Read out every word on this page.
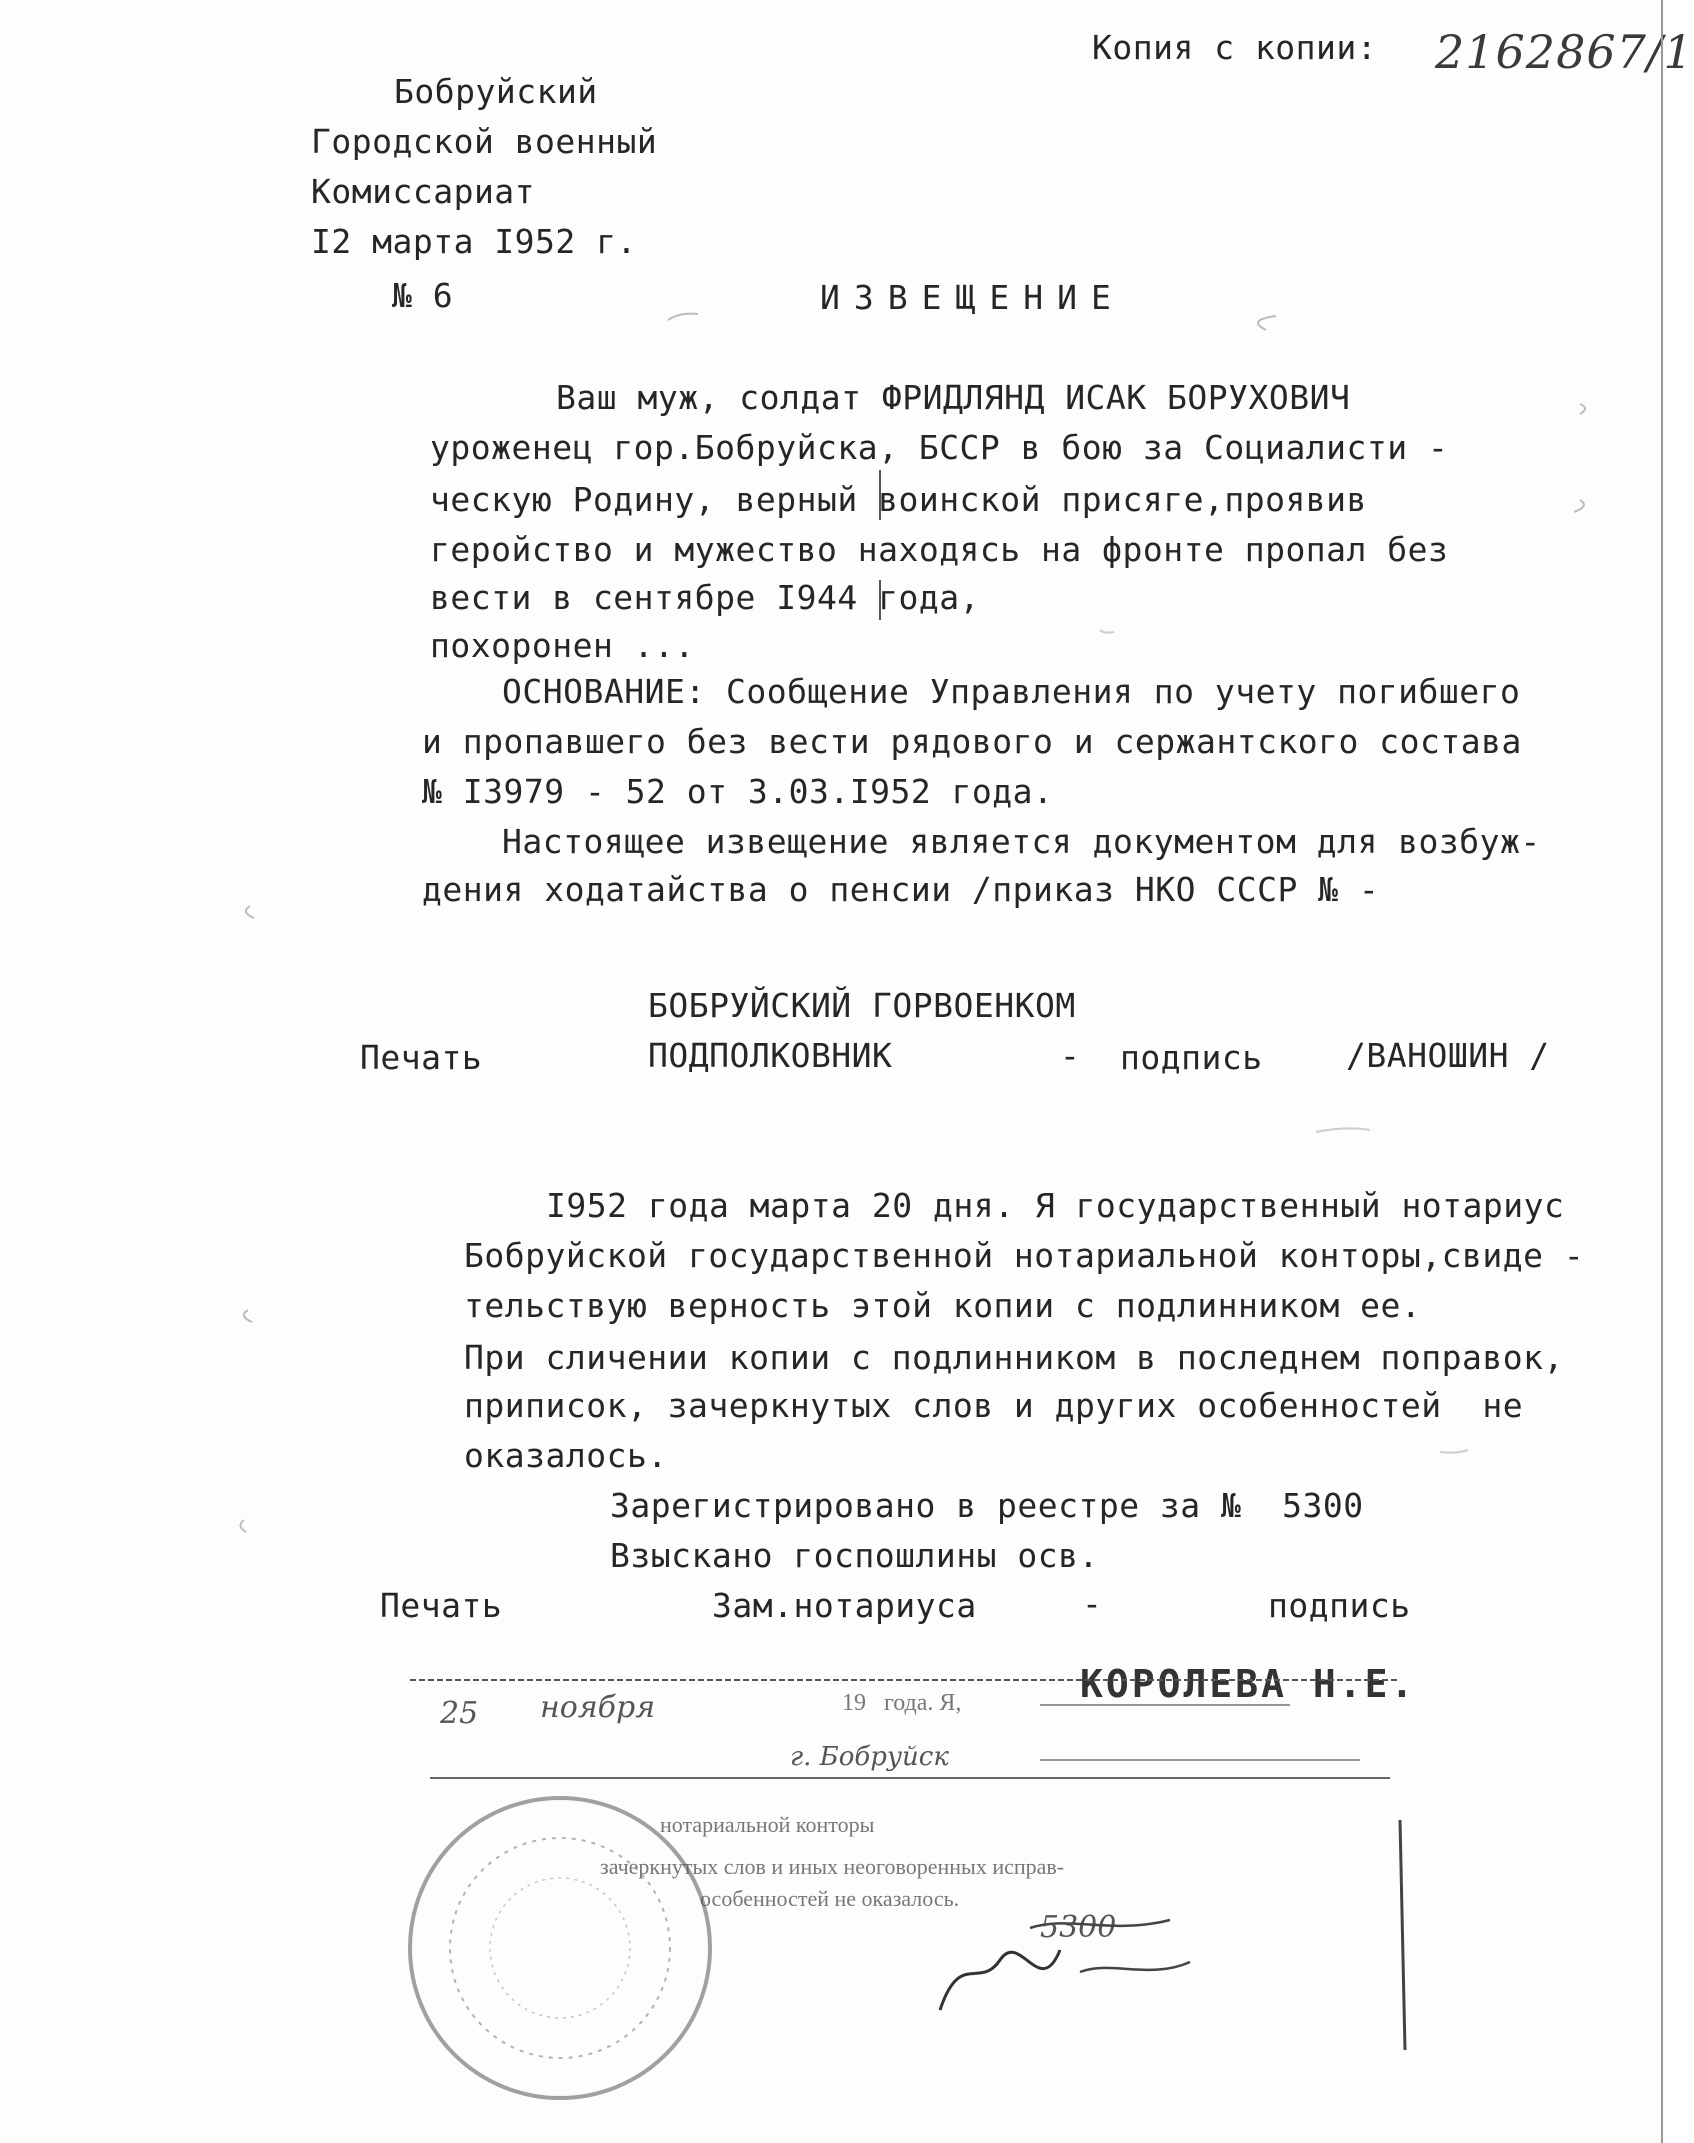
Копия с копии: 2162867/1
Бобруйский
Городской военный
Комиссариат
I2 марта I952 г.
№ 6	ИЗВЕЩЕНИЕ
Ваш муж, солдат ФРИДЛЯНД ИСАК БОРУХОВИЧ
уроженец гор.Бобруйска, БССР в бою за Социалисти -
ческую Родину, верный воинской присяге,проявив
геройство и мужество находясь на фронте пропал без
вести в сентябре I944 года,
похоронен ...
ОСНОВАНИЕ: Сообщение Управления по учету погибшего
и пропавшего без вести рядового и сержантского состава
№ I3979 - 52 от 3.03.I952 года.
Настоящее извещение является документом для возбуж-
дения ходатайства о пенсии /приказ НКО СССР № -
БОБРУЙСКИЙ ГОРВОЕНКОМ
Печать	ПОДПОЛКОВНИК	- подпись	/ВАНОШИН /
I952 года марта 20 дня. Я государственный нотариус
Бобруйской государственной нотариальной конторы,свиде -
тельствую верность этой копии с подлинником ее.
При сличении копии с подлинником в последнем поправок,
приписок, зачеркнутых слов и других особенностей  не
оказалось.
Зарегистрировано в реестре за №  5300
Взыскано госпошлины осв.
Печать	Зам.нотариуса	-	подпись
КОРОЛЕВА Н.Е.
25 ноября	19   года. Я,
г. Бобруйск
нотариальной конторы
зачеркнутых слов и иных неоговоренных исправ-
особенностей не оказалось.
5300
